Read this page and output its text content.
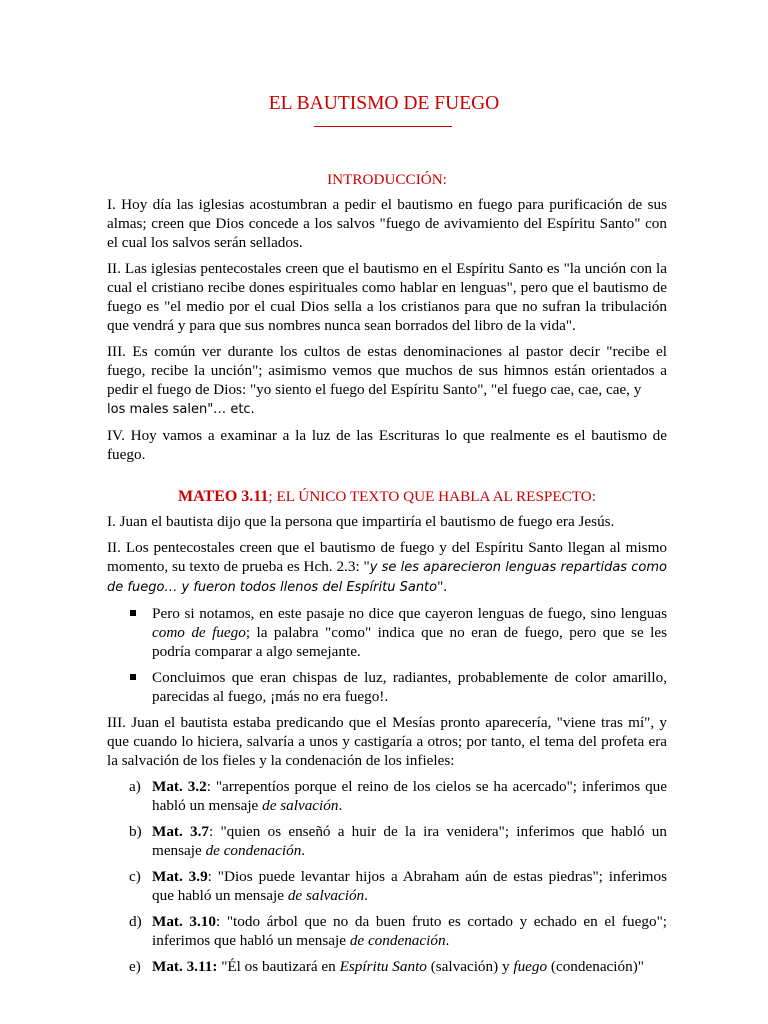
EL BAUTISMO DE FUEGO
INTRODUCCIÓN:

I. Hoy día las iglesias acostumbran a pedir el bautismo en fuego para purificación de sus almas; creen que Dios concede a los salvos "fuego de avivamiento del Espíritu Santo" con el cual los salvos serán sellados.

II. Las iglesias pentecostales creen que el bautismo en el Espíritu Santo es "la unción con la cual el cristiano recibe dones espirituales como hablar en lenguas", pero que el bautismo de fuego es "el medio por el cual Dios sella a los cristianos para que no sufran la tribulación que vendrá y para que sus nombres nunca sean borrados del libro de la vida".

III. Es común ver durante los cultos de estas denominaciones al pastor decir "recibe el fuego, recibe la unción"; asimismo vemos que muchos de sus himnos están orientados a pedir el fuego de Dios: "yo siento el fuego del Espíritu Santo", "el fuego cae, cae, cae, y
los males salen"… etc.

IV. Hoy vamos a examinar a la luz de las Escrituras lo que realmente es el bautismo de fuego.

MATEO 3.11; EL ÚNICO TEXTO QUE HABLA AL RESPECTO:

I. Juan el bautista dijo que la persona que impartiría el bautismo de fuego era Jesús.

II. Los pentecostales creen que el bautismo de fuego y del Espíritu Santo llegan al mismo momento, su texto de prueba es Hch. 2.3: "y se les aparecieron lenguas repartidas como de fuego… y fueron todos llenos del Espíritu Santo".

Pero si notamos, en este pasaje no dice que cayeron lenguas de fuego, sino lenguas como de fuego; la palabra "como" indica que no eran de fuego, pero que se les podría comparar a algo semejante.
Concluimos que eran chispas de luz, radiantes, probablemente de color amarillo, parecidas al fuego, ¡más no era fuego!.

III. Juan el bautista estaba predicando que el Mesías pronto aparecería, "viene tras mí", y que cuando lo hiciera, salvaría a unos y castigaría a otros; por tanto, el tema del profeta era la salvación de los fieles y la condenación de los infieles:

a) Mat. 3.2: "arrepentíos porque el reino de los cielos se ha acercado"; inferimos que habló un mensaje de salvación.
b) Mat. 3.7: "quien os enseñó a huir de la ira venidera"; inferimos que habló un mensaje de condenación.
c) Mat. 3.9: "Dios puede levantar hijos a Abraham aún de estas piedras"; inferimos que habló un mensaje de salvación.
d) Mat. 3.10: "todo árbol que no da buen fruto es cortado y echado en el fuego"; inferimos que habló un mensaje de condenación.
e) Mat. 3.11: "Él os bautizará en Espíritu Santo (salvación) y fuego (condenación)"
